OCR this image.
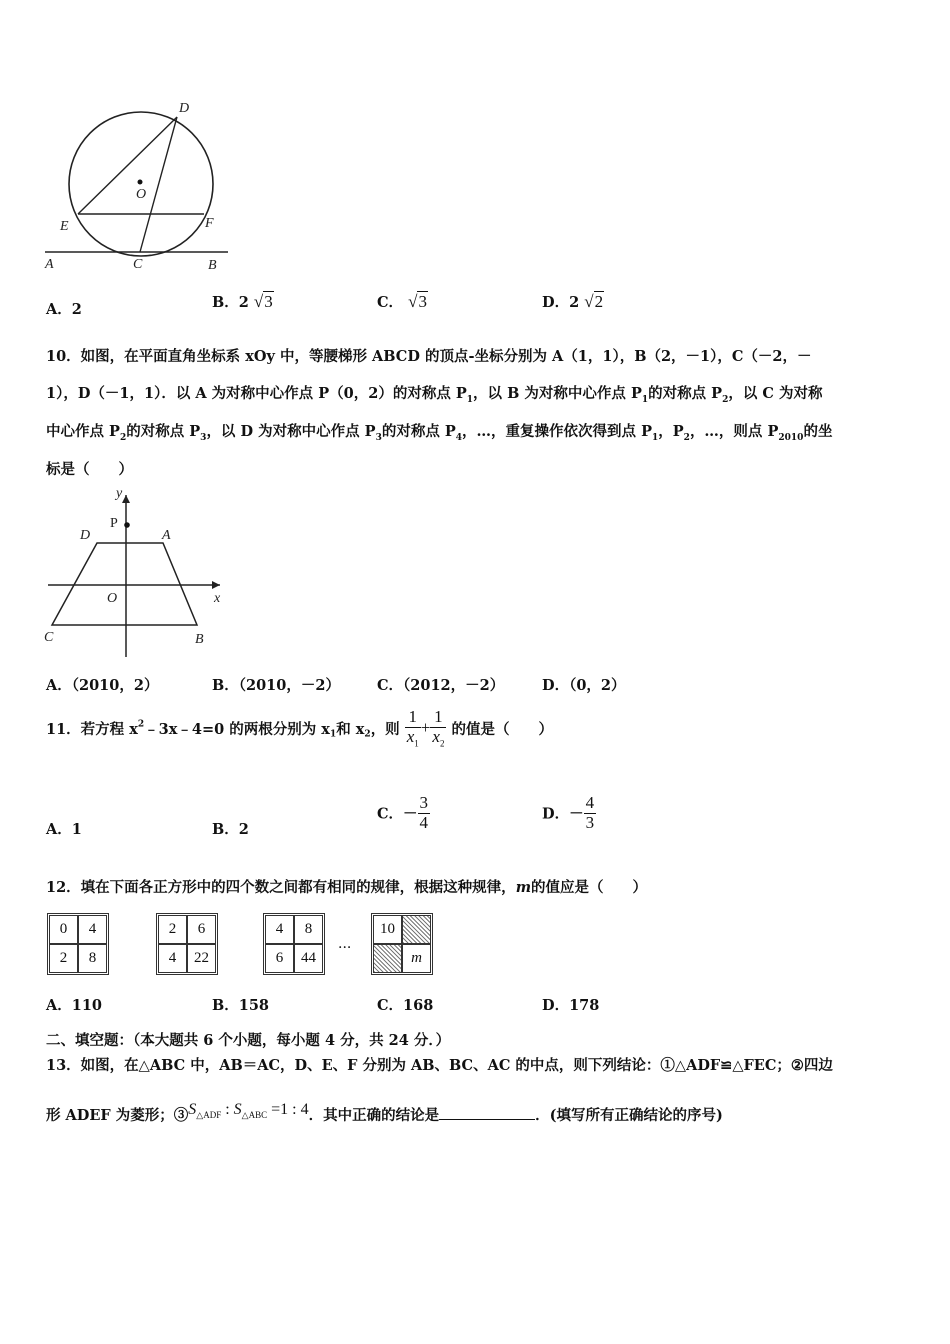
D
O
E	F
A	C	B
A．2	B．2 √3	C． √3	D．2 √2
10．如图，在平面直角坐标系 xOy 中，等腰梯形 ABCD 的顶点-坐标分别为 A（1，1），B（2，－1），C（－2，－
1），D（－1，1）．以 A 为对称中心作点 P（0，2）的对称点 $P_1$，以 B 为对称中心作点 $P_1$的对称点 $P_2$，以 C 为对称
中心作点 $P_2$的对称点 $P_3$，以 D 为对称中心作点 $P_3$的对称点 $P_4$，…，重复操作依次得到点 $P_1$，$P_2$，…，则点 $P_{2010}$的坐
标是（　　）
y
P
D	A
O	x
C	B
A．（2010，2）	B．（2010，－2）	C．（2012，－2）	D．（0，2）
11．若方程 $x^2﹣3x﹣4=0$ 的两根分别为 $x_1$和 $x_2$，则 $\frac{1}{x_1} + \frac{1}{x_2}$ 的值是（　　）
A．1	B．2
C．－ $\frac{3}{4}$	D．－ $\frac{4}{3}$
12．填在下面各正方形中的四个数之间都有相同的规律，根据这种规律，m的值应是（　　）
0	4
2	8
2	6
4	22
4	8
6	44
···
10
m
A．110	B．158	C．168	D．178
二、填空题：（本大题共 6 个小题，每小题 4 分，共 24 分．）
13．如图，在△ABC 中，AB＝AC，D、E、F 分别为 AB、BC、AC 的中点，则下列结论：①△ADF≌△FEC；②四边
形 ADEF 为菱形；$③S_{\triangle ADF}$ : $S_{\triangle ABC} =1$ : 4．其中正确的结论是	．(填写所有正确结论的序号)
